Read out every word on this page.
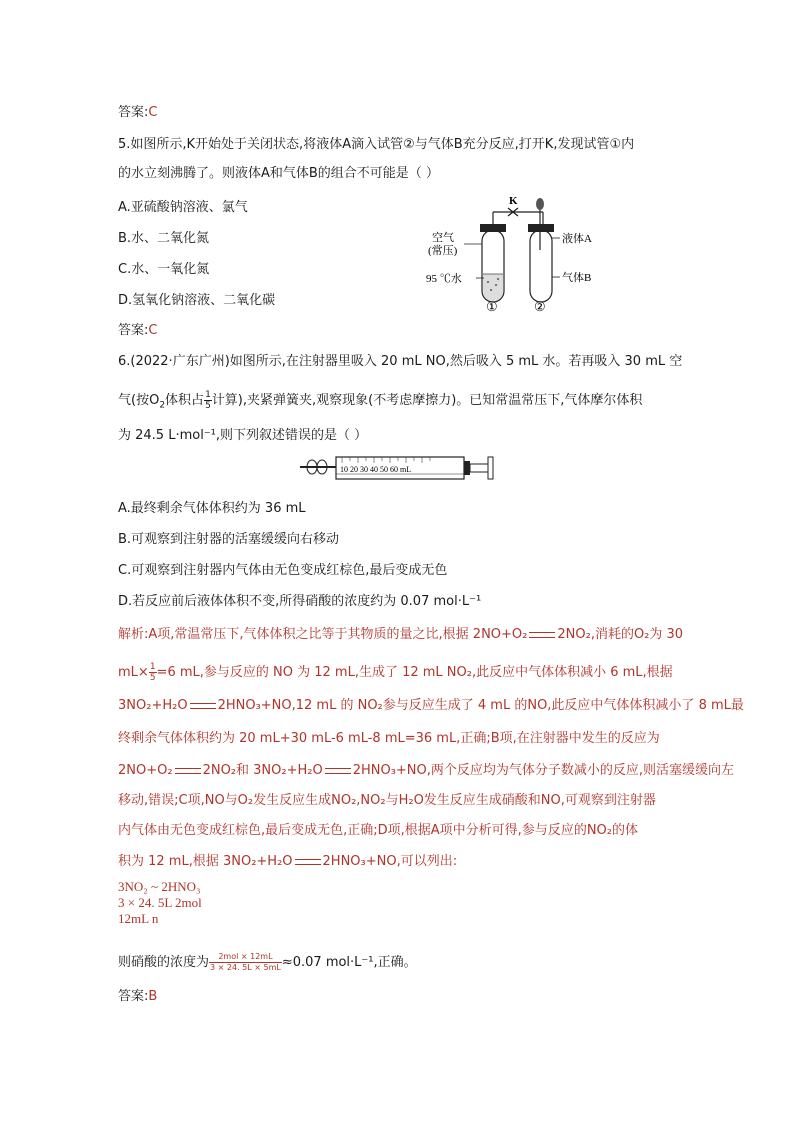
答案:C
5.如图所示,K开始处于关闭状态,将液体A滴入试管②与气体B充分反应,打开K,发现试管①内
的水立刻沸腾了。则液体A和气体B的组合不可能是（ ）
A.亚硫酸钠溶液、氯气
B.水、二氧化氮
C.水、一氧化氮
D.氢氧化钠溶液、二氧化碳
K
空气
(常压)
95 ℃水
液体A
气体B
①	②
答案:C
6.(2022·广东广州)如图所示,在注射器里吸入 20 mL NO,然后吸入 5 mL 水。若再吸入 30 mL 空
气(按$O_2$体积占 $\frac{1}{5}$ 计算),夹紧弹簧夹,观察现象(不考虑摩擦力)。已知常温常压下,气体摩尔体积
为 24.5 L·mol⁻¹,则下列叙述错误的是（ ）
10 20 30 40 50 60 mL
A.最终剩余气体体积约为 36 mL
B.可观察到注射器的活塞缓缓向右移动
C.可观察到注射器内气体由无色变成红棕色,最后变成无色
D.若反应前后液体体积不变,所得硝酸的浓度约为 0.07 mol·L⁻¹
解析:A项,常温常压下,气体体积之比等于其物质的量之比,根据 2NO+O₂ 2NO₂,消耗的O₂为 30
$mL\times \frac{1}{5} =6$ mL,参与反应的 NO 为 12 mL,生成了 12 mL NO₂,此反应中气体体积减小 6 mL,根据
3NO₂+H₂O 2HNO₃+NO,12 mL 的 NO₂参与反应生成了 4 mL 的NO,此反应中气体体积减小了 8 mL最
终剩余气体体积约为 20 mL+30 mL-6 mL-8 mL=36 mL,正确;B项,在注射器中发生的反应为
2NO+O₂ 2NO₂和 3NO₂+H₂O 2HNO₃+NO,两个反应均为气体分子数减小的反应,则活塞缓缓向左
移动,错误;C项,NO与O₂发生反应生成NO₂,NO₂与H₂O发生反应生成硝酸和NO,可观察到注射器
内气体由无色变成红棕色,最后变成无色,正确;D项,根据A项中分析可得,参与反应的NO₂的体
积为 12 mL,根据 3NO₂+H₂O 2HNO₃+NO,可以列出:
3NO₂ ~ 2HNO₃
3 × 24. 5L 2mol
12mL n
则硝酸的浓度为 $\frac{\text{2mol × 12mL}}{3 \times 24. 5L \times 5mL} \approx 0.07$ mol·L⁻¹,正确。
答案:B
